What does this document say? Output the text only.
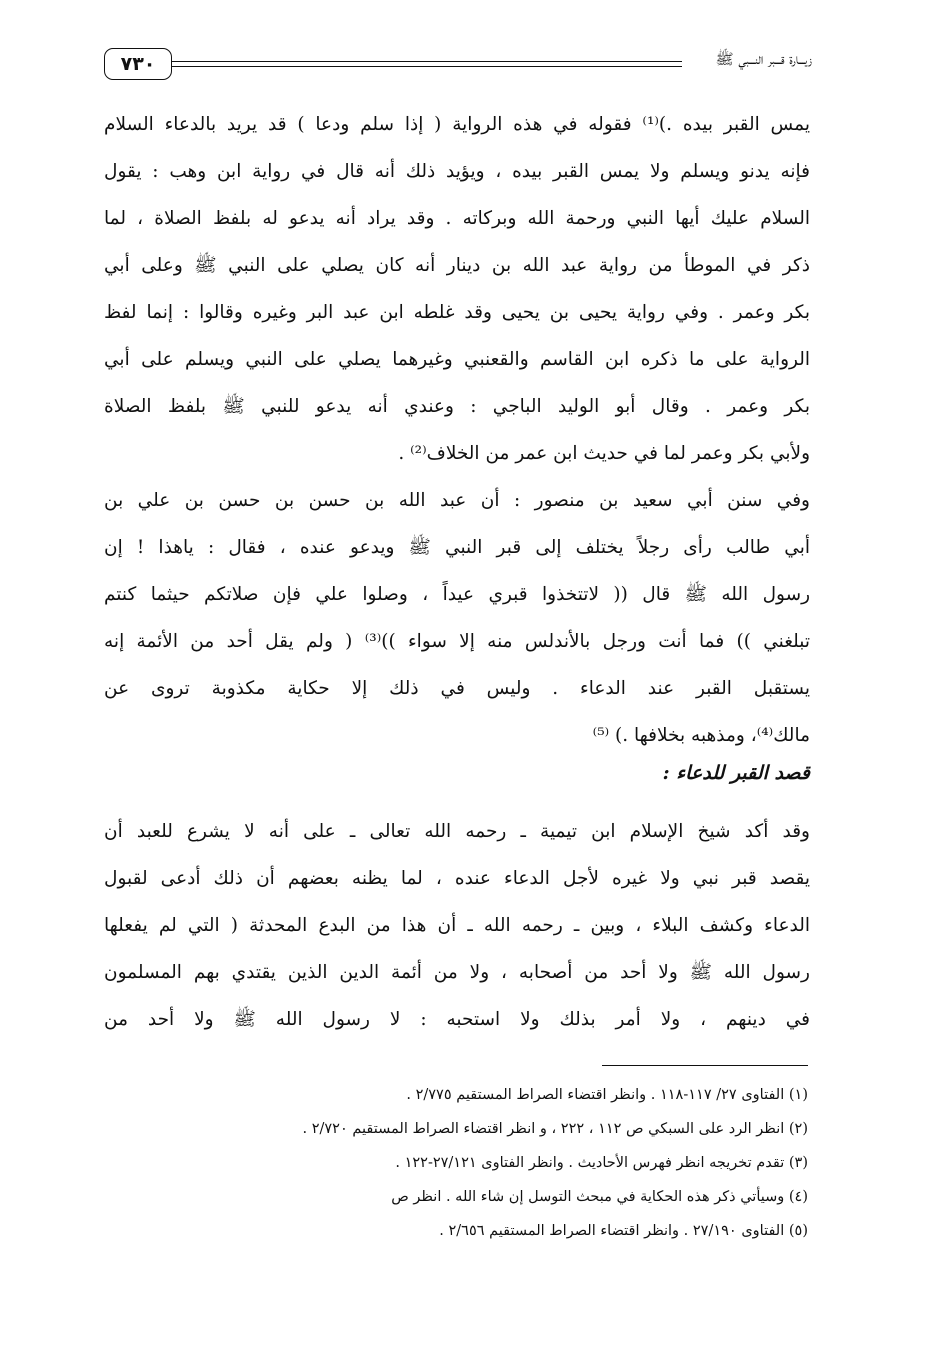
٧٣٠	زيـــارة قـــبر النـــبي ﷺ
يمس القبر بيده .)⁽¹⁾ فقوله في هذه الرواية ( إذا سلم ودعا ) قد يريد بالدعاء السلام
فإنه يدنو ويسلم ولا يمس القبر بيده ، ويؤيد ذلك أنه قال في رواية ابن وهب : يقول
السلام عليك أيها النبي ورحمة الله وبركاته . وقد يراد أنه يدعو له بلفظ الصلاة ، لما
ذكر في الموطأ من رواية عبد الله بن دينار أنه كان يصلي على النبي ﷺ وعلى أبي
بكر وعمر . وفي رواية يحيى بن يحيى وقد غلطه ابن عبد البر وغيره وقالوا : إنما لفظ
الرواية على ما ذكره ابن القاسم والقعنبي وغيرهما يصلي على النبي ويسلم على أبي
بكر وعمر . وقال أبو الوليد الباجي : وعندي أنه يدعو للنبي ﷺ بلفظ الصلاة
ولأبي بكر وعمر لما في حديث ابن عمر من الخلاف⁽²⁾ .
وفي سنن أبي سعيد بن منصور : أن عبد الله بن حسن بن حسن بن علي بن
أبي طالب رأى رجلاً يختلف إلى قبر النبي ﷺ ويدعو عنده ، فقال : ياهذا ! إن
رسول الله ﷺ قال (( لاتتخذوا قبري عيداً ، وصلوا علي فإن صلاتكم حيثما كنتم
تبلغني )) فما أنت ورجل بالأندلس منه إلا سواء ))⁽³⁾ ( ولم يقل أحد من الأئمة إنه
يستقبل القبر عند الدعاء . وليس في ذلك إلا حكاية مكذوبة تروى عن
مالك⁽⁴⁾، ومذهبه بخلافها .) ⁽⁵⁾
قصد القبر للدعاء :
وقد أكد شيخ الإسلام ابن تيمية ـ رحمه الله تعالى ـ على أنه لا يشرع للعبد أن
يقصد قبر نبي ولا غيره لأجل الدعاء عنده ، لما يظنه بعضهم أن ذلك أدعى لقبول
الدعاء وكشف البلاء ، وبين ـ رحمه الله ـ أن هذا من البدع المحدثة ( التي لم يفعلها
رسول الله ﷺ ولا أحد من أصحابه ، ولا من أئمة الدين الذين يقتدي بهم المسلمون
في دينهم ، ولا أمر بذلك ولا استحبه : لا رسول الله ﷺ ولا أحد من
(١) الفتاوى ٢٧/ ١١٧-١١٨ . وانظر اقتضاء الصراط المستقيم ٢/٧٧٥ .
(٢) انظر الرد على السبكي ص ١١٢ ، ٢٢٢ ، و انظر اقتضاء الصراط المستقيم ٢/٧٢٠ .
(٣) تقدم تخريجه انظر فهرس الأحاديث . وانظر الفتاوى ٢٧/١٢١-١٢٢ .
(٤) وسيأتي ذكر هذه الحكاية في مبحث التوسل إن شاء الله . انظر ص
(٥) الفتاوى ٢٧/١٩٠ . وانظر اقتضاء الصراط المستقيم ٢/٦٥٦ .
